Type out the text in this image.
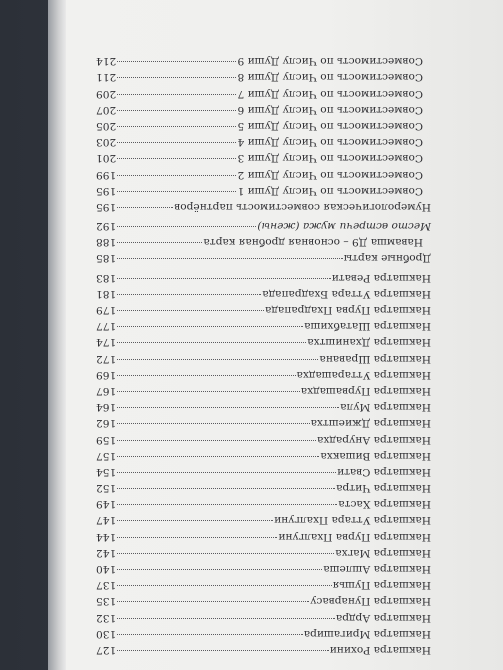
Накшатра Рохини
127
Накшатра Мригашира
130
Накшатра Ардра
132
Накшатра Пунарвасу
135
Накшатра Пушья
137
Накшатра Ашлеша
140
Накшатра Магха
142
Накшатра Пурва Пхалгуни
144
Накшатра Уттара Пхалгуни
147
Накшатра Хаста
149
Накшатра Читра
152
Накшатра Свати
154
Накшатра Вишакха
157
Накшатра Анурадха
159
Накшатра Джиештха
162
Накшатра Мула
164
Накшатра Пурвашадха
167
Накшатра Уттарашадха
169
Накшатра Шравана
172
Накшатра Дхаништха
174
Накшатра Шатабхиша
177
Накшатра Пурва Пхадрапада
179
Накшатра Уттара Бхадрапада
181
Накшатра Ревати
183
Дробные карты
185
Навамша Д9 – основная дробная карта
188
Место встречи мужа (жены)
192
Нумерологическая совместимость партнёров
195
Совместимость по Числу Души 1
195
Совместимость по Числу Души 2
199
Совместимость по Числу Души 3
201
Совместимость по Числу Души 4
203
Совместимость по Числу Души 5
205
Совместимость по Числу Души 6
207
Совместимость по Числу Души 7
209
Совместимость по Числу Души 8
211
Совместимость по Числу Души 9
214
